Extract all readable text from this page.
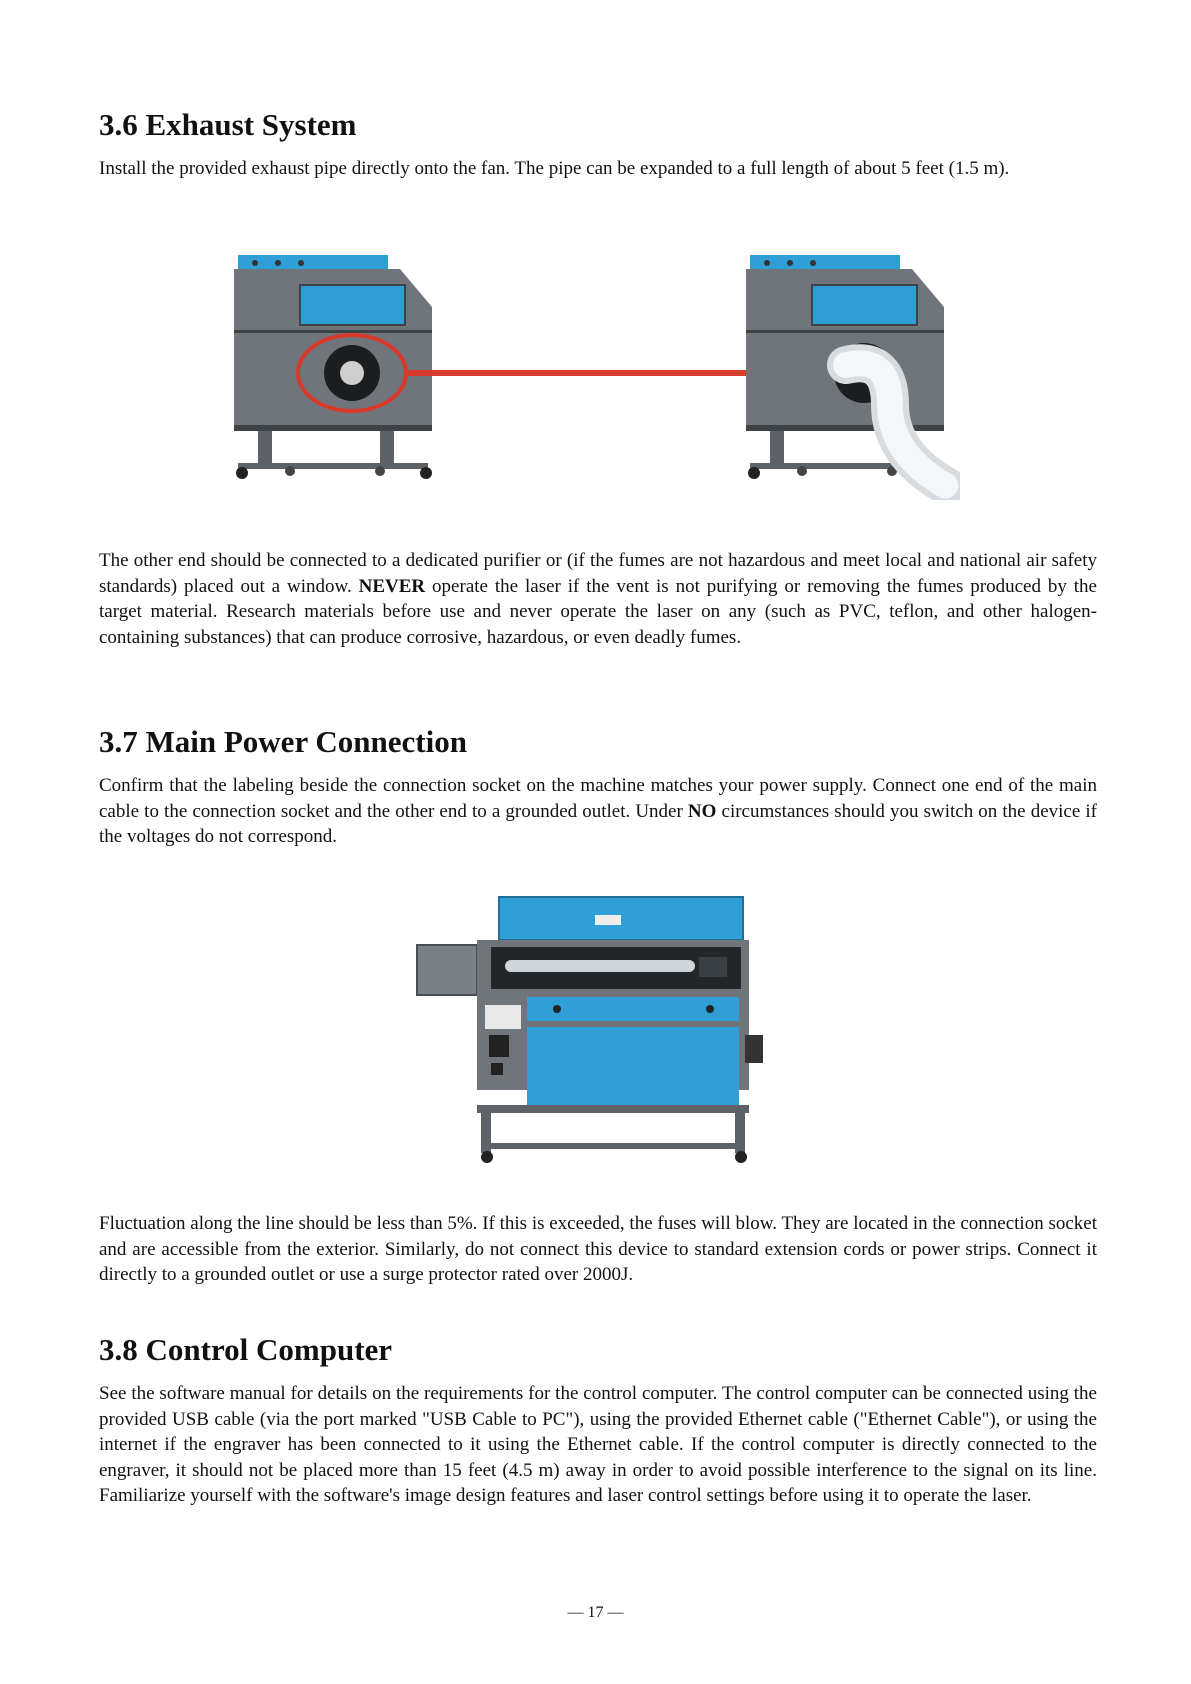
3.6 Exhaust System

Install the provided exhaust pipe directly onto the fan. The pipe can be expanded to a full length of about 5 feet (1.5 m).

The other end should be connected to a dedicated purifier or (if the fumes are not hazardous and meet local and national air safety standards) placed out a window. NEVER operate the laser if the vent is not purifying or removing the fumes produced by the target material. Research materials before use and never operate the laser on any (such as PVC, teflon, and other halogen-containing substances) that can produce corrosive, hazardous, or even deadly fumes.

3.7 Main Power Connection

Confirm that the labeling beside the connection socket on the machine matches your power supply. Connect one end of the main cable to the connection socket and the other end to a grounded outlet. Under NO circumstances should you switch on the device if the voltages do not correspond.

Fluctuation along the line should be less than 5%. If this is exceeded, the fuses will blow. They are located in the connection socket and are accessible from the exterior. Similarly, do not connect this device to standard extension cords or power strips. Connect it directly to a grounded outlet or use a surge protector rated over 2000J.

3.8 Control Computer

See the software manual for details on the requirements for the control computer. The control computer can be connected using the provided USB cable (via the port marked "USB Cable to PC"), using the provided Ethernet cable ("Ethernet Cable"), or using the internet if the engraver has been connected to it using the Ethernet cable. If the control computer is directly connected to the engraver, it should not be placed more than 15 feet (4.5 m) away in order to avoid possible interference to the signal on its line. Familiarize yourself with the software's image design features and laser control settings before using it to operate the laser.

— 17 —
